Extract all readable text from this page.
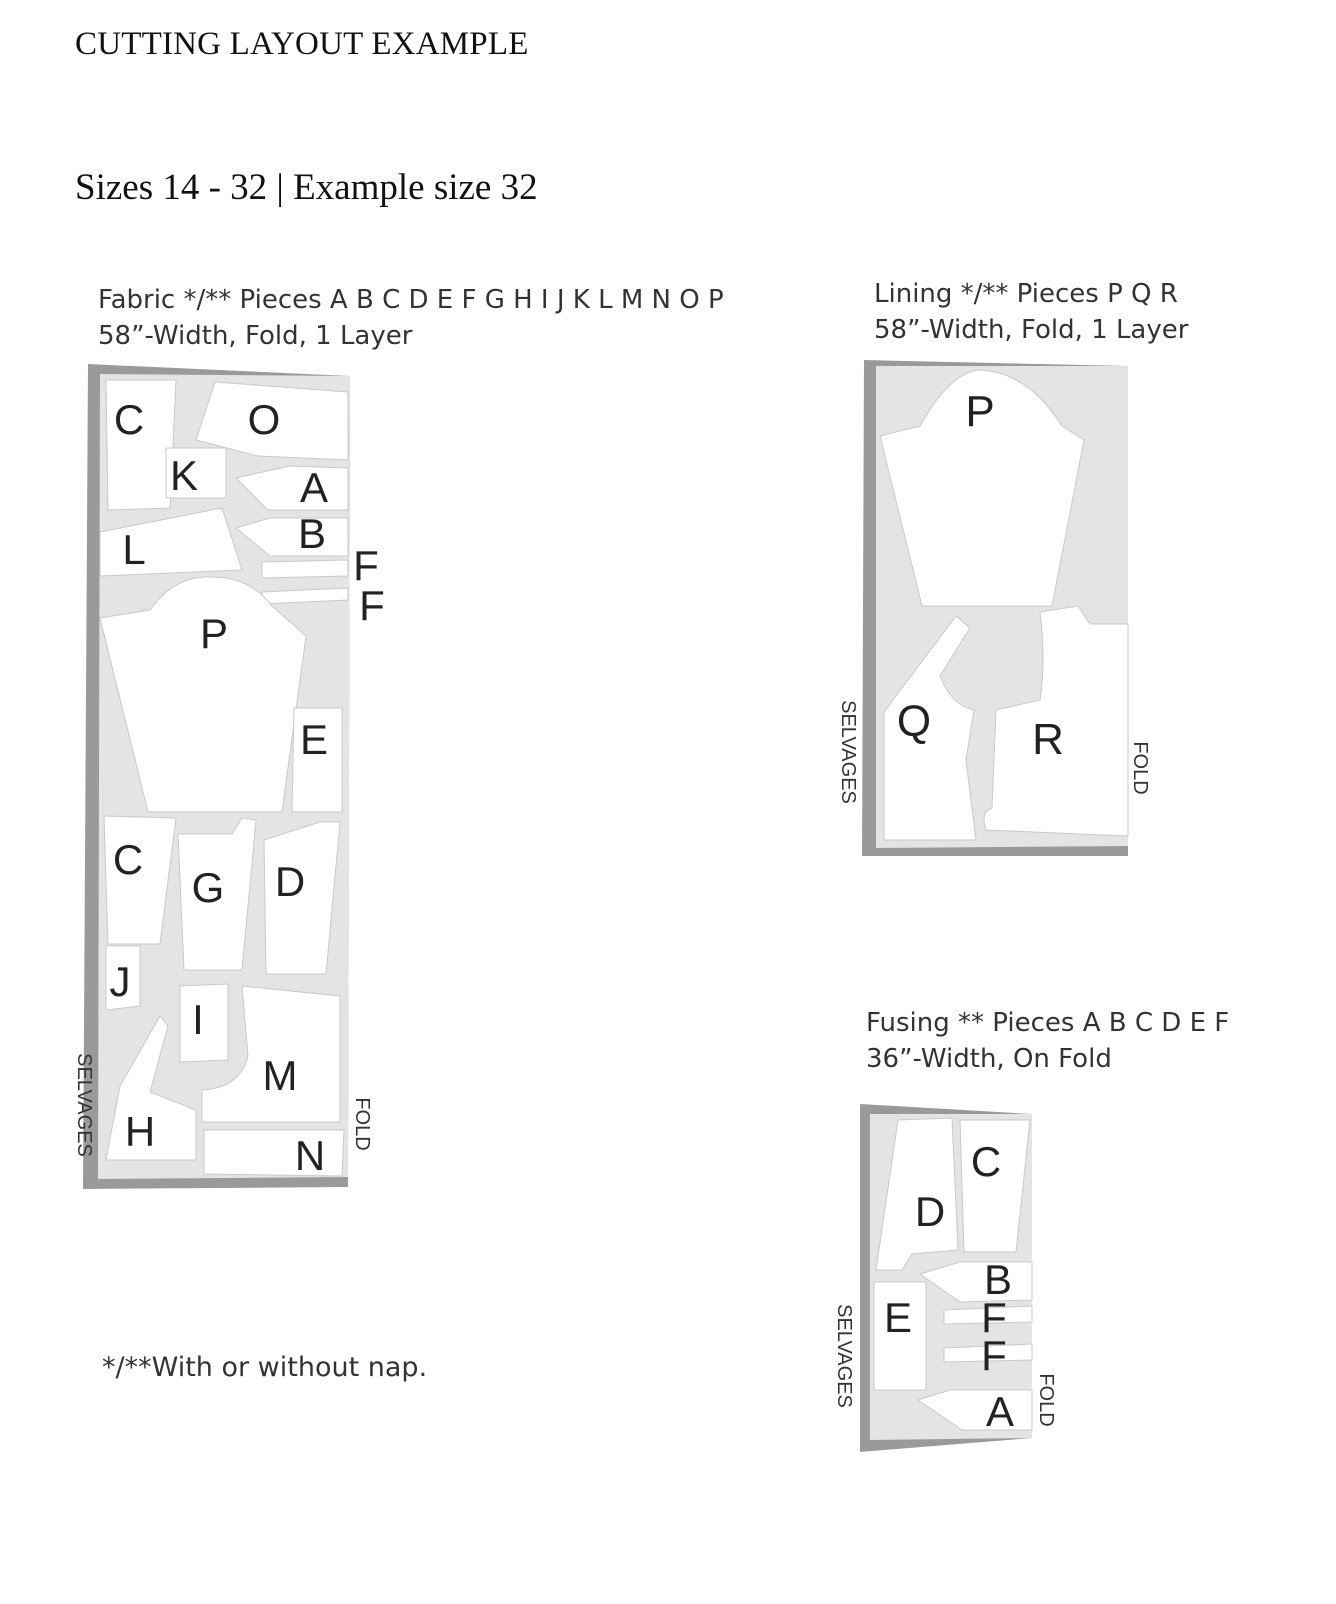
CUTTING LAYOUT EXAMPLE
Sizes 14 - 32 | Example size 32
Fabric */** Pieces A B C D E F G H I J K L M N O P
58”-Width, Fold, 1 Layer
Lining */** Pieces P Q R
58”-Width, Fold, 1 Layer
Fusing ** Pieces A B C D E F
36”-Width, On Fold
C O
K A
L	B
F
F
P
E
C
G D
J
I
M
H
N
SELVAGES	FOLD
P
Q R
SELVAGES	FOLD
C
D
E
B
F
F
A
SELVAGES	FOLD
*/**With or without nap.
